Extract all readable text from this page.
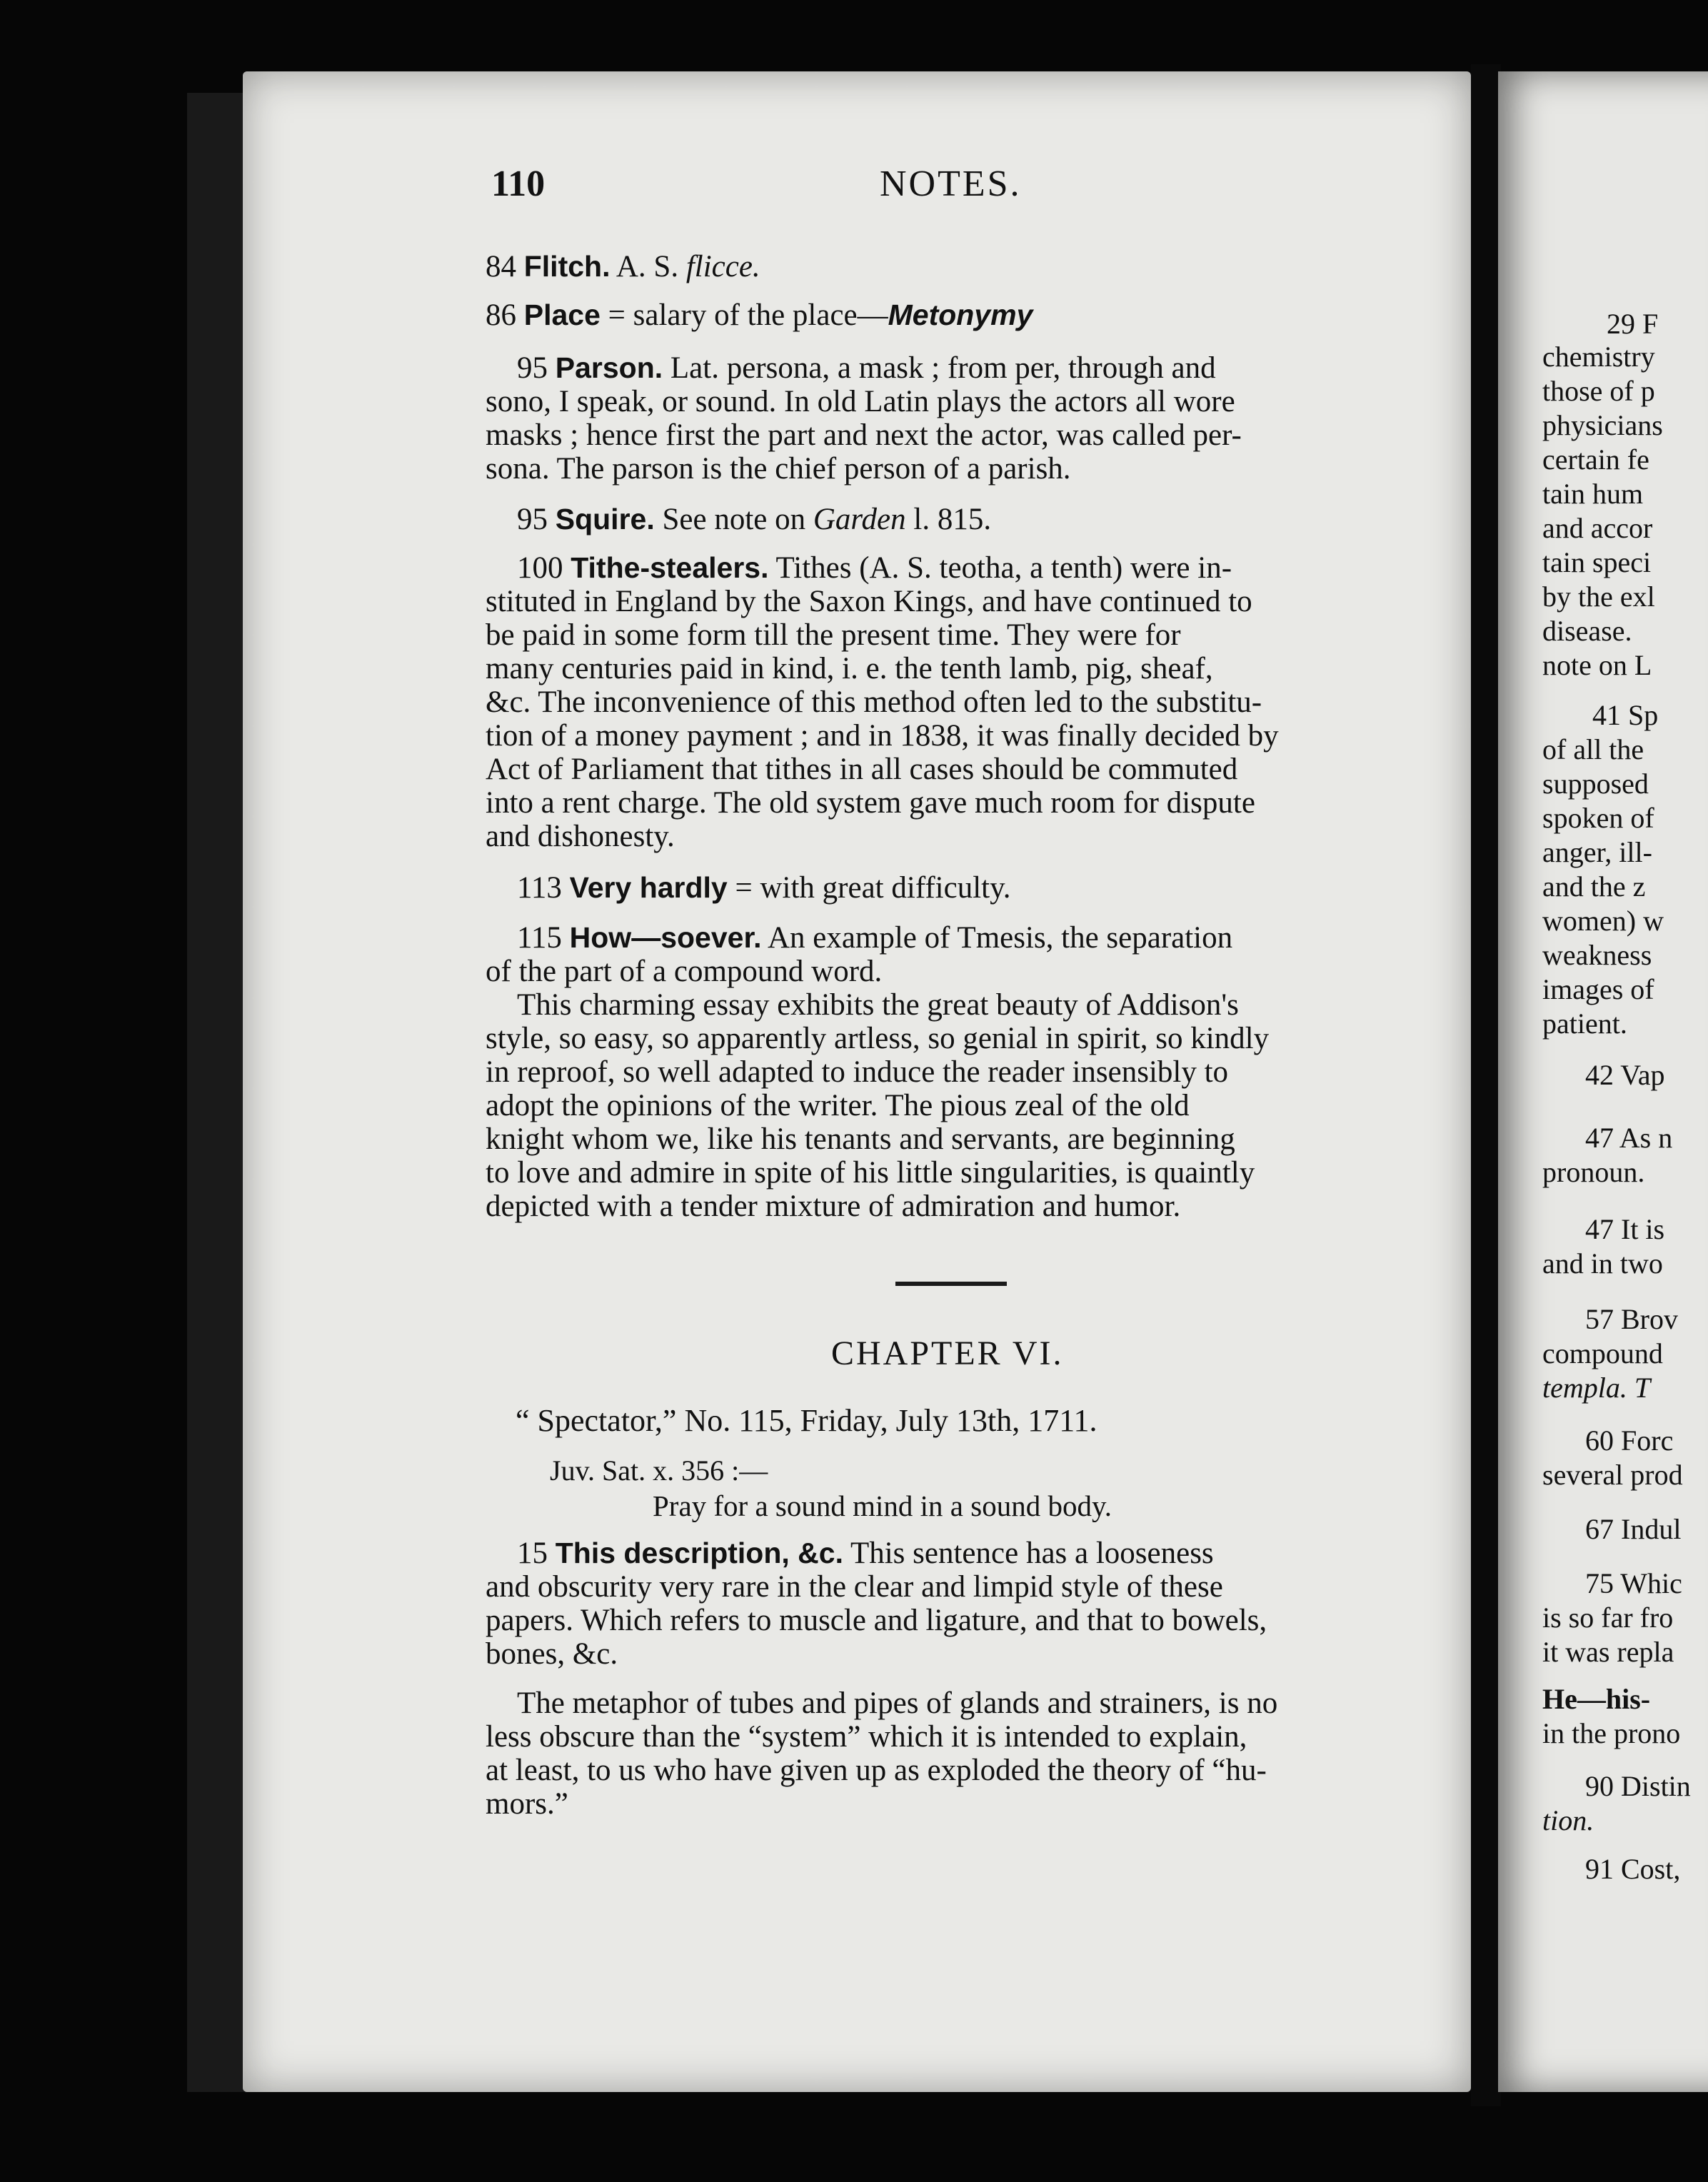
110	NOTES.
84 Flitch. A. S. flicce.
86 Place = salary of the place—Metonymy
95 Parson. Lat. persona, a mask ; from per, through and
sono, I speak, or sound. In old Latin plays the actors all wore
masks ; hence first the part and next the actor, was called per-
sona. The parson is the chief person of a parish.
95 Squire. See note on Garden l. 815.
100 Tithe-stealers. Tithes (A. S. teotha, a tenth) were in-
stituted in England by the Saxon Kings, and have continued to
be paid in some form till the present time. They were for
many centuries paid in kind, i. e. the tenth lamb, pig, sheaf,
&c. The inconvenience of this method often led to the substitu-
tion of a money payment ; and in 1838, it was finally decided by
Act of Parliament that tithes in all cases should be commuted
into a rent charge. The old system gave much room for dispute
and dishonesty.
113 Very hardly = with great difficulty.
115 How—soever. An example of Tmesis, the separation
of the part of a compound word.
This charming essay exhibits the great beauty of Addison's
style, so easy, so apparently artless, so genial in spirit, so kindly
in reproof, so well adapted to induce the reader insensibly to
adopt the opinions of the writer. The pious zeal of the old
knight whom we, like his tenants and servants, are beginning
to love and admire in spite of his little singularities, is quaintly
depicted with a tender mixture of admiration and humor.
CHAPTER VI.
“ Spectator,” No. 115, Friday, July 13th, 1711.
Juv. Sat. x. 356 :—
Pray for a sound mind in a sound body.
15 This description, &c. This sentence has a looseness
and obscurity very rare in the clear and limpid style of these
papers. Which refers to muscle and ligature, and that to bowels,
bones, &c.
The metaphor of tubes and pipes of glands and strainers, is no
less obscure than the “system” which it is intended to explain,
at least, to us who have given up as exploded the theory of “hu-
mors.”
29 F
chemistry
those of p
physicians
certain fe
tain hum
and accor
tain speci
by the exl
disease.
note on L
41 Sp
of all the
supposed
spoken of
anger, ill-
and the z
women) w
weakness
images of
patient.
42 Vap
47 As n
pronoun.
47 It is
and in two
57 Brov
compound
templa. T
60 Forc
several prod
67 Indul
75 Whic
is so far fro
it was repla
He—his-
in the prono
90 Distin
tion.
91 Cost,
